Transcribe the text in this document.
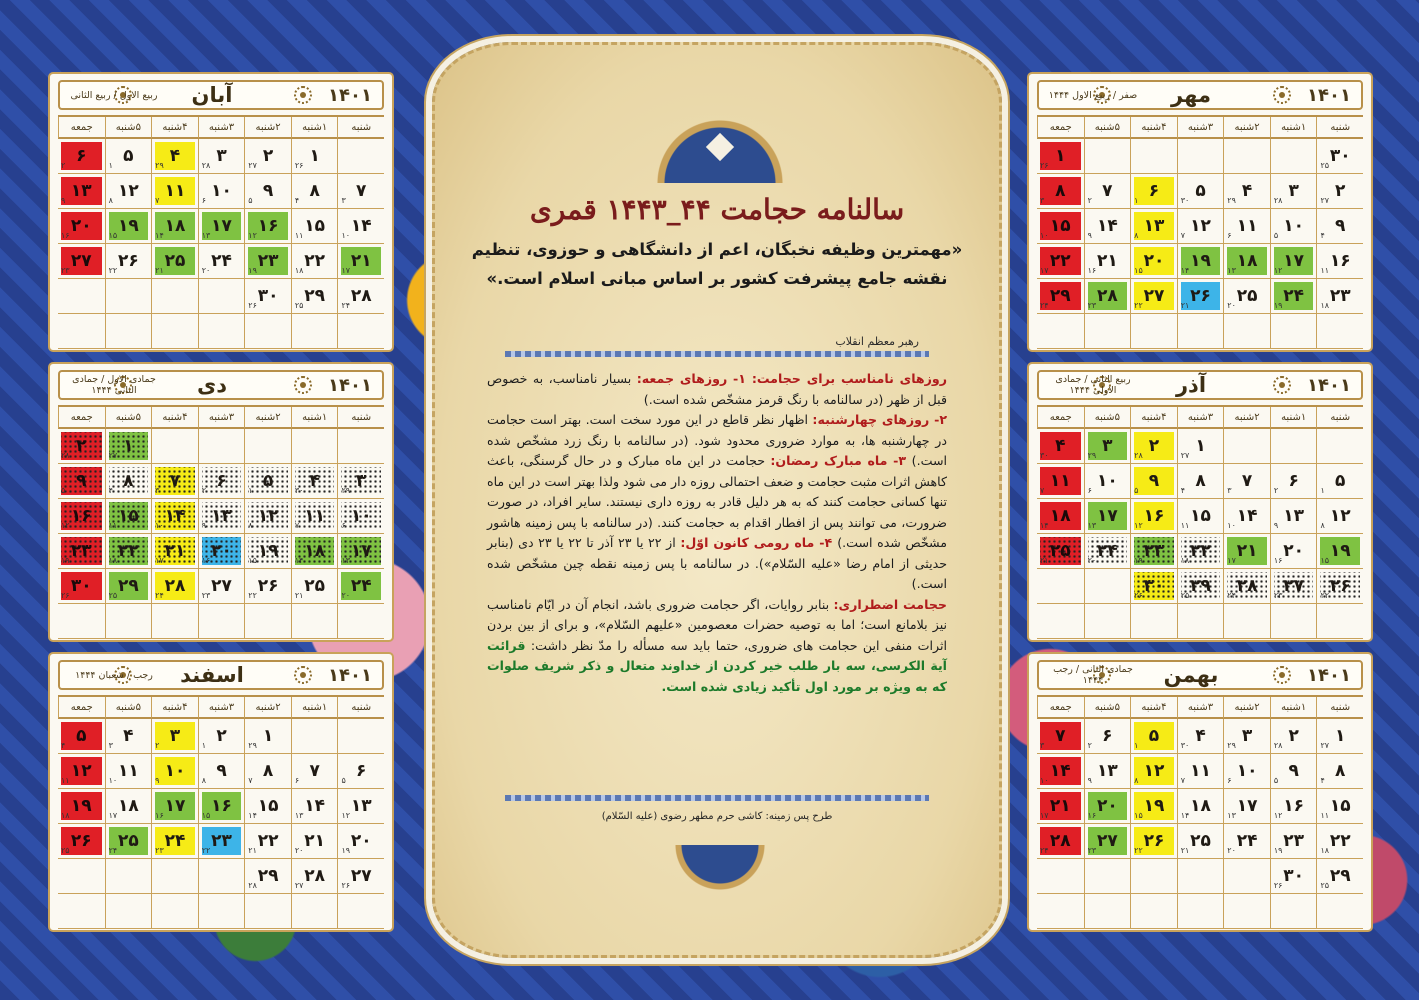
۱۴۰۱
آبان
ربیع الاول / ربیع الثانی
شنبه
۱شنبه
۲شنبه
۳شنبه
۴شنبه
۵شنبه
جمعه
۱
۲۶
۲
۲۷
۳
۲۸
۴
۲۹
۵
۱
۶
۲
۷
۳
۸
۴
۹
۵
۱۰
۶
۱۱
۷
۱۲
۸
۱۳
۹
۱۴
۱۰
۱۵
۱۱
۱۶
۱۲
۱۷
۱۳
۱۸
۱۴
۱۹
۱۵
۲۰
۱۶
۲۱
۱۷
۲۲
۱۸
۲۳
۱۹
۲۴
۲۰
۲۵
۲۱
۲۶
۲۲
۲۷
۲۳
۲۸
۲۴
۲۹
۲۵
۳۰
۲۶
۱۴۰۱
مهر
صفر / ربیع الاول ۱۴۴۴
شنبه
۱شنبه
۲شنبه
۳شنبه
۴شنبه
۵شنبه
جمعه
۳۰
۲۵
۱
۲۶
۲
۲۷
۳
۲۸
۴
۲۹
۵
۳۰
۶
۱
۷
۲
۸
۳
۹
۴
۱۰
۵
۱۱
۶
۱۲
۷
۱۳
۸
۱۴
۹
۱۵
۱۰
۱۶
۱۱
۱۷
۱۲
۱۸
۱۳
۱۹
۱۴
۲۰
۱۵
۲۱
۱۶
۲۲
۱۷
۲۳
۱۸
۲۴
۱۹
۲۵
۲۰
۲۶
۲۱
۲۷
۲۲
۲۸
۲۳
۲۹
۲۴
۱۴۰۱
دی
جمادی الاول / جمادی الثانی ۱۴۴۴
شنبه
۱شنبه
۲شنبه
۳شنبه
۴شنبه
۵شنبه
جمعه
۱
۲۷
۲
۲۸
۳
۲۹
۴
۳۰
۵
۱
۶
۲
۷
۳
۸
۴
۹
۵
۱۰
۶
۱۱
۷
۱۲
۸
۱۳
۹
۱۴
۱۰
۱۵
۱۱
۱۶
۱۲
۱۷
۱۳
۱۸
۱۴
۱۹
۱۵
۲۰
۱۶
۲۱
۱۷
۲۲
۱۸
۲۳
۱۹
۲۴
۲۰
۲۵
۲۱
۲۶
۲۲
۲۷
۲۳
۲۸
۲۴
۲۹
۲۵
۳۰
۲۶
۱۴۰۱
آذر
ربیع الثانی / جمادی الاولی ۱۴۴۴
شنبه
۱شنبه
۲شنبه
۳شنبه
۴شنبه
۵شنبه
جمعه
۱
۲۷
۲
۲۸
۳
۲۹
۴
۳۰
۵
۱
۶
۲
۷
۳
۸
۴
۹
۵
۱۰
۶
۱۱
۷
۱۲
۸
۱۳
۹
۱۴
۱۰
۱۵
۱۱
۱۶
۱۲
۱۷
۱۳
۱۸
۱۴
۱۹
۱۵
۲۰
۱۶
۲۱
۱۷
۲۲
۱۸
۲۳
۱۹
۲۴
۲۰
۲۵
۲۱
۲۶
۲۲
۲۷
۲۳
۲۸
۲۴
۲۹
۲۵
۳۰
۲۶
۱۴۰۱
اسفند
رجب / شعبان ۱۴۴۴
شنبه
۱شنبه
۲شنبه
۳شنبه
۴شنبه
۵شنبه
جمعه
۱
۲۹
۲
۱
۳
۲
۴
۳
۵
۴
۶
۵
۷
۶
۸
۷
۹
۸
۱۰
۹
۱۱
۱۰
۱۲
۱۱
۱۳
۱۲
۱۴
۱۳
۱۵
۱۴
۱۶
۱۵
۱۷
۱۶
۱۸
۱۷
۱۹
۱۸
۲۰
۱۹
۲۱
۲۰
۲۲
۲۱
۲۳
۲۲
۲۴
۲۳
۲۵
۲۴
۲۶
۲۵
۲۷
۲۶
۲۸
۲۷
۲۹
۲۸
۱۴۰۱
بهمن
جمادی الثانی / رجب ۱۴۴۴
شنبه
۱شنبه
۲شنبه
۳شنبه
۴شنبه
۵شنبه
جمعه
۱
۲۷
۲
۲۸
۳
۲۹
۴
۳۰
۵
۱
۶
۲
۷
۳
۸
۴
۹
۵
۱۰
۶
۱۱
۷
۱۲
۸
۱۳
۹
۱۴
۱۰
۱۵
۱۱
۱۶
۱۲
۱۷
۱۳
۱۸
۱۴
۱۹
۱۵
۲۰
۱۶
۲۱
۱۷
۲۲
۱۸
۲۳
۱۹
۲۴
۲۰
۲۵
۲۱
۲۶
۲۲
۲۷
۲۳
۲۸
۲۴
۲۹
۲۵
۳۰
۲۶
سالنامه حجامت ۴۴_۱۴۴۳ قمری
«مهمترین وظیفه نخبگان، اعم از دانشگاهی و حوزوی، تنظیم نقشه جامع پیشرفت کشور بر اساس مبانی اسلام است.»
رهبر معظم انقلاب

روزهای نامناسب برای حجامت: ۱- روزهای جمعه: بسیار نامناسب، به خصوص قبل از ظهر (در سالنامه با رنگ قرمز مشخّص شده است.)

۲- روزهای چهارشنبه: اظهار نظر قاطع در این مورد سخت است. بهتر است حجامت در چهارشنبه ها، به موارد ضروری محدود شود. (در سالنامه با رنگ زرد مشخّص شده است.) ۳- ماه مبارک رمضان: حجامت در این ماه مبارک و در حال گرسنگی، باعث کاهش اثرات مثبت حجامت و ضعف احتمالی روزه دار می شود ولذا بهتر است در این ماه تنها کسانی حجامت کنند که به هر دلیل قادر به روزه داری نیستند. سایر افراد، در صورت ضرورت، می توانند پس از افطار اقدام به حجامت کنند. (در سالنامه با پس زمینه هاشور مشخّص شده است.) ۴- ماه رومی کانون اوّل: از ۲۲ یا ۲۳ آذر تا ۲۲ یا ۲۳ دی (بنابر حدیثی از امام رضا «علیه السّلام»). در سالنامه با پس زمینه نقطه چین مشخّص شده است.)

حجامت اضطراری: بنابر روایات، اگر حجامت ضروری باشد، انجام آن در ایّام نامناسب نیز بلامانع است؛ اما به توصیه حضرات معصومین «علیهم السّلام»، و برای از بین بردن اثرات منفی این حجامت های ضروری، حتما باید سه مسأله را مدّ نظر داشت: قرائت آیة الکرسی، سه بار طلب خیر کردن از خداوند متعال و ذکر شریف صلوات که به ویژه بر مورد اول تأکید زیادی شده است.

طرح پس زمینه: کاشی حرم مطهر رضوی (علیه السّلام)
